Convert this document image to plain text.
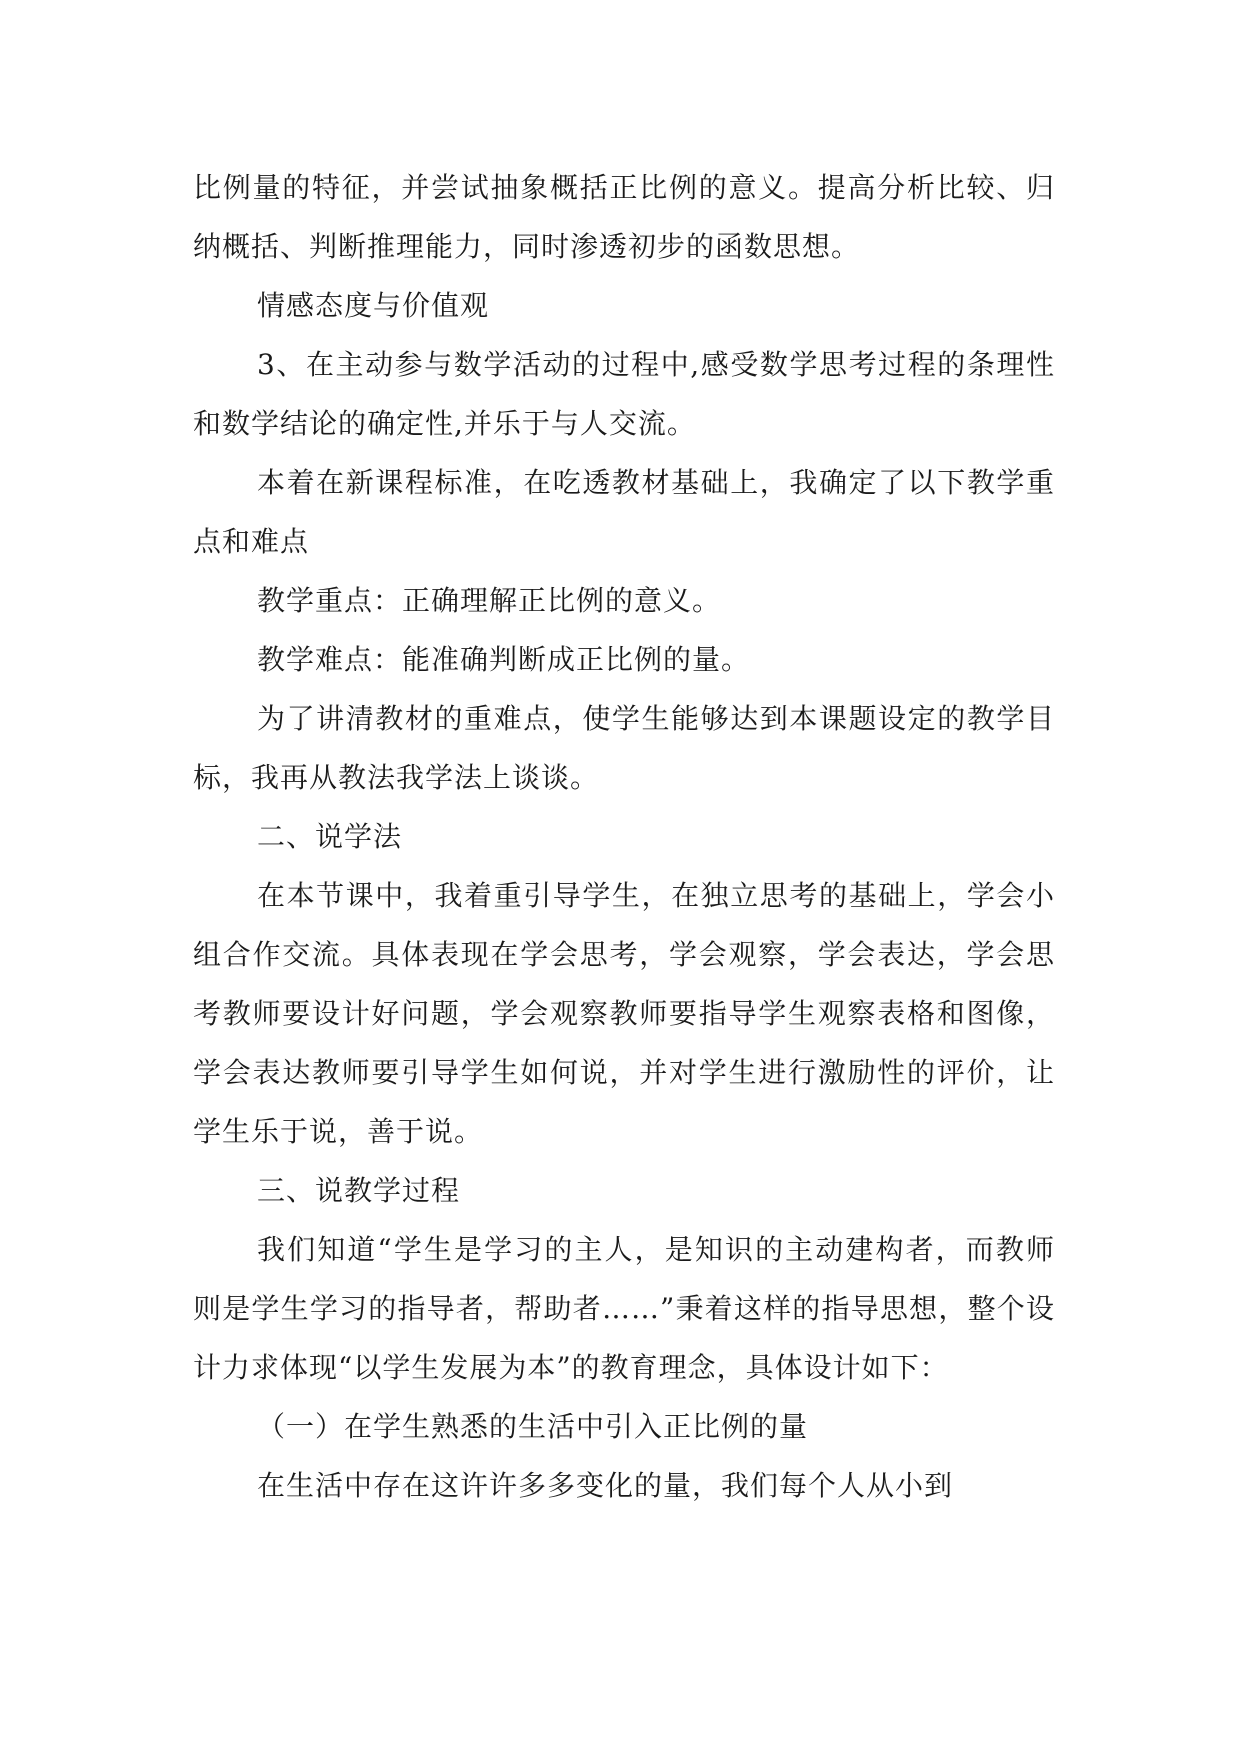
比例量的特征，并尝试抽象概括正比例的意义。提高分析比较、归纳概括、判断推理能力，同时渗透初步的函数思想。

情感态度与价值观

3、在主动参与数学活动的过程中,感受数学思考过程的条理性和数学结论的确定性,并乐于与人交流。

本着在新课程标准，在吃透教材基础上，我确定了以下教学重点和难点

教学重点：正确理解正比例的意义。

教学难点：能准确判断成正比例的量。

为了讲清教材的重难点，使学生能够达到本课题设定的教学目标，我再从教法我学法上谈谈。

二、说学法

在本节课中，我着重引导学生，在独立思考的基础上，学会小组合作交流。具体表现在学会思考，学会观察，学会表达，学会思考教师要设计好问题，学会观察教师要指导学生观察表格和图像，学会表达教师要引导学生如何说，并对学生进行激励性的评价，让学生乐于说，善于说。

三、说教学过程

我们知道“学生是学习的主人，是知识的主动建构者，而教师则是学生学习的指导者，帮助者……”秉着这样的指导思想，整个设计力求体现“以学生发展为本”的教育理念，具体设计如下：

（一）在学生熟悉的生活中引入正比例的量

在生活中存在这许许多多变化的量，我们每个人从小到
